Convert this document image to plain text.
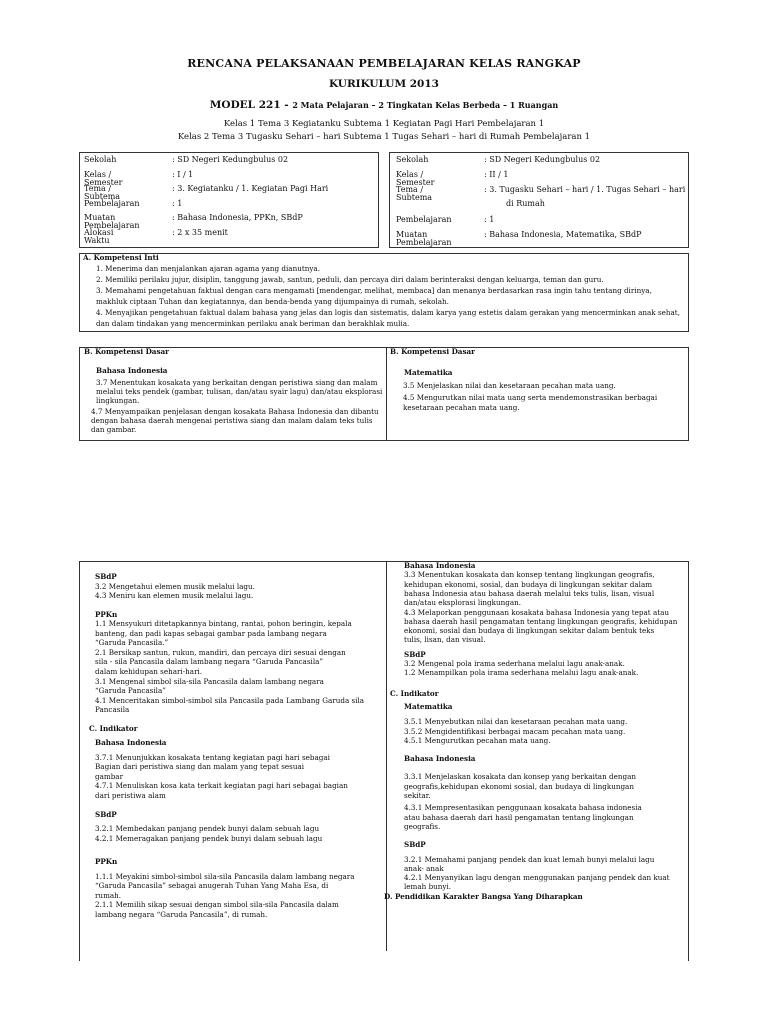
RENCANA PELAKSANAAN PEMBELAJARAN KELAS RANGKAP
KURIKULUM 2013
MODEL 221 - 2 Mata Pelajaran – 2 Tingkatan Kelas Berbeda – 1 Ruangan
Kelas 1 Tema 3 Kegiatanku Subtema 1 Kegiatan Pagi Hari Pembelajaran 1
Kelas 2 Tema 3 Tugasku Sehari – hari Subtema 1 Tugas Sehari – hari di Rumah Pembelajaran 1
Sekolah	: SD Negeri Kedungbulus 02
Kelas / Semester
: I / 1
Tema / Subtema
: 3. Kegiatanku / 1. Kegiatan Pagi Hari
Pembelajaran	: 1
Muatan Pembelajaran
: Bahasa Indonesia, PPKn, SBdP
Alokasi Waktu
: 2 x 35 menit
Sekolah	: SD Negeri Kedungbulus 02
Kelas / Semester
: II / 1
Tema / Subtema
: 3. Tugasku Sehari – hari / 1. Tugas Sehari – hari
di Rumah
Pembelajaran	: 1
Muatan Pembelajaran
: Bahasa Indonesia, Matematika, SBdP
A. Kompetensi Inti
1. Menerima dan menjalankan ajaran agama yang dianutnya.
2. Memiliki perilaku jujur, disiplin, tanggung jawab, santun, peduli, dan percaya diri dalam berinteraksi dengan keluarga, teman dan guru.
3. Memahami pengetahuan faktual dengan cara mengamati [mendengar, melihat, membaca] dan menanya berdasarkan rasa ingin tahu tentang dirinya,
makhluk ciptaan Tuhan dan kegiatannya, dan benda-benda yang dijumpainya di rumah, sekolah.
4. Menyajikan pengetahuan faktual dalam bahasa yang jelas dan logis dan sistematis, dalam karya yang estetis dalam gerakan yang mencerminkan anak sehat,
dan dalam tindakan yang mencerminkan perilaku anak beriman dan berakhlak mulia.
B. Kompetensi Dasar	B. Kompetensi Dasar
Bahasa Indonesia
3.7 Menentukan kosakata yang berkaitan dengan peristiwa siang dan malam
melalui teks pendek (gambar, tulisan, dan/atau syair lagu) dan/atau eksplorasi
lingkungan.
4.7 Menyampaikan penjelasan dengan kosakata Bahasa Indonesia dan dibantu
dengan bahasa daerah mengenai peristiwa siang dan malam dalam teks tulis
dan gambar.
Matematika
3.5 Menjelaskan nilai dan kesetaraan pecahan mata uang.
4.5 Mengurutkan nilai mata uang serta mendemonstrasikan berbagai
kesetaraan pecahan mata uang.
SBdP
3.2 Mengetahui elemen musik melalui lagu.
4.3 Meniru kan elemen musik melalui lagu.
PPKn
1.1 Mensyukuri ditetapkannya bintang, rantai, pohon beringin, kepala
banteng, dan padi kapas sebagai gambar pada lambang negara
“Garuda Pancasila.”
2.1 Bersikap santun, rukun, mandiri, dan percaya diri sesuai dengan
sila - sila Pancasila dalam lambang negara “Garuda Pancasila”
dalam kehidupan sehari-hari.
3.1 Mengenal simbol sila-sila Pancasila dalam lambang negara
“Garuda Pancasila”
4.1 Menceritakan simbol-simbol sila Pancasila pada Lambang Garuda sila
Pancasila
C. Indikator
Bahasa Indonesia
3.7.1 Menunjukkan kosakata tentang kegiatan pagi hari sebagai
Bagian dari peristiwa siang dan malam yang tepat sesuai
gambar
4.7.1 Menuliskan kosa kata terkait kegiatan pagi hari sebagai bagian
dari peristiwa alam
SBdP
3.2.1 Membedakan panjang pendek bunyi dalam sebuah lagu
4.2.1 Memeragakan panjang pendek bunyi dalam sebuah lagu
PPKn
1.1.1 Meyakini simbol-simbol sila-sila Pancasila dalam lambang negara
“Garuda Pancasila” sebagai anugerah Tuhan Yang Maha Esa, di
rumah.
2.1.1 Memilih sikap sesuai dengan simbol sila-sila Pancasila dalam
lambang negara “Garuda Pancasila”, di rumah.
Bahasa Indonesia
3.3 Menentukan kosakata dan konsep tentang lingkungan geografis,
kehidupan ekonomi, sosial, dan budaya di lingkungan sekitar dalam
bahasa Indonesia atau bahasa daerah melalui teks tulis, lisan, visual
dan/atau eksplorasi lingkungan.
4.3 Melaporkan penggunaan kosakata bahasa Indonesia yang tepat atau
bahasa daerah hasil pengamatan tentang lingkungan geografis, kehidupan
ekonomi, sosial dan budaya di lingkungan sekitar dalam bentuk teks
tulis, lisan, dan visual.
SBdP
3.2 Mengenal pola irama sederhana melalui lagu anak-anak.
1.2 Menampilkan pola irama sederhana melalui lagu anak-anak.
C. Indikator
Matematika
3.5.1 Menyebutkan nilai dan kesetaraan pecahan mata uang.
3.5.2 Mengidentifikasi berbagai macam pecahan mata uang.
4.5.1 Mengurutkan pecahan mata uang.
Bahasa Indonesia
3.3.1 Menjelaskan kosakata dan konsep yang berkaitan dengan
geografis,kehidupan ekonomi sosial, dan budaya di lingkungan
sekitar.
4.3.1 Mempresentasikan penggunaan kosakata bahasa indonesia
atau bahasa daerah dari hasil pengamatan tentang lingkungan
geografis.
SBdP
3.2.1 Memahami panjang pendek dan kuat lemah bunyi melalui lagu
anak- anak
4.2.1 Menyanyikan lagu dengan menggunakan panjang pendek dan kuat
lemah bunyi.
D. Pendidikan Karakter Bangsa Yang Diharapkan
